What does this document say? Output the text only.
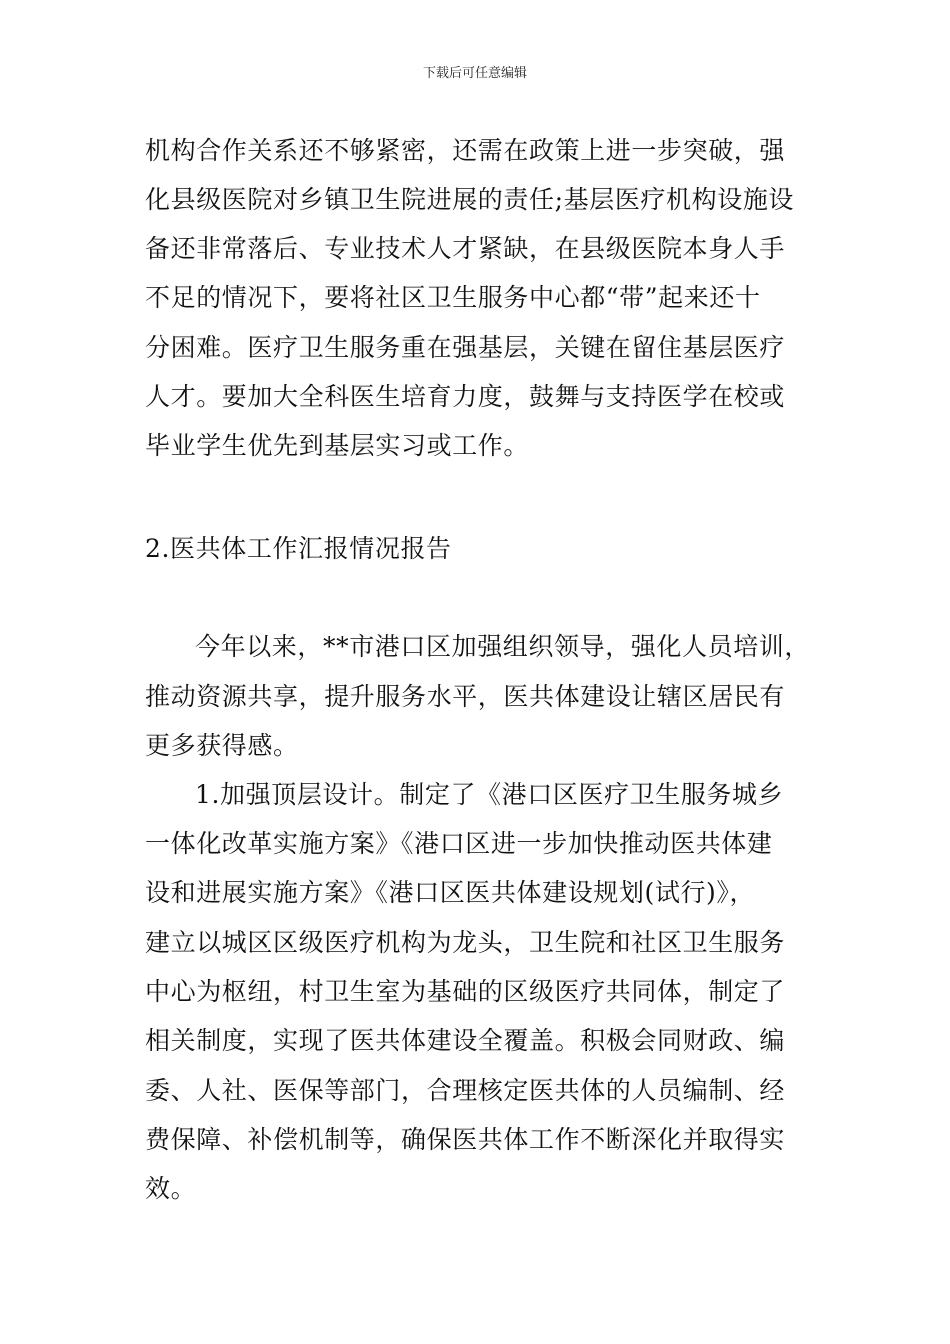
下载后可任意编辑
机构合作关系还不够紧密，还需在政策上进一步突破，强
化县级医院对乡镇卫生院进展的责任;基层医疗机构设施设
备还非常落后、专业技术人才紧缺，在县级医院本身人手
不足的情况下，要将社区卫生服务中心都“带”起来还十
分困难。医疗卫生服务重在强基层，关键在留住基层医疗
人才。要加大全科医生培育力度，鼓舞与支持医学在校或
毕业学生优先到基层实习或工作。
2.医共体工作汇报情况报告
今年以来，**市港口区加强组织领导，强化人员培训，
推动资源共享，提升服务水平，医共体建设让辖区居民有
更多获得感。
1.加强顶层设计。制定了《港口区医疗卫生服务城乡
一体化改革实施方案》《港口区进一步加快推动医共体建
设和进展实施方案》《港口区医共体建设规划(试行)》，
建立以城区区级医疗机构为龙头，卫生院和社区卫生服务
中心为枢纽，村卫生室为基础的区级医疗共同体，制定了
相关制度，实现了医共体建设全覆盖。积极会同财政、编
委、人社、医保等部门，合理核定医共体的人员编制、经
费保障、补偿机制等，确保医共体工作不断深化并取得实
效。
